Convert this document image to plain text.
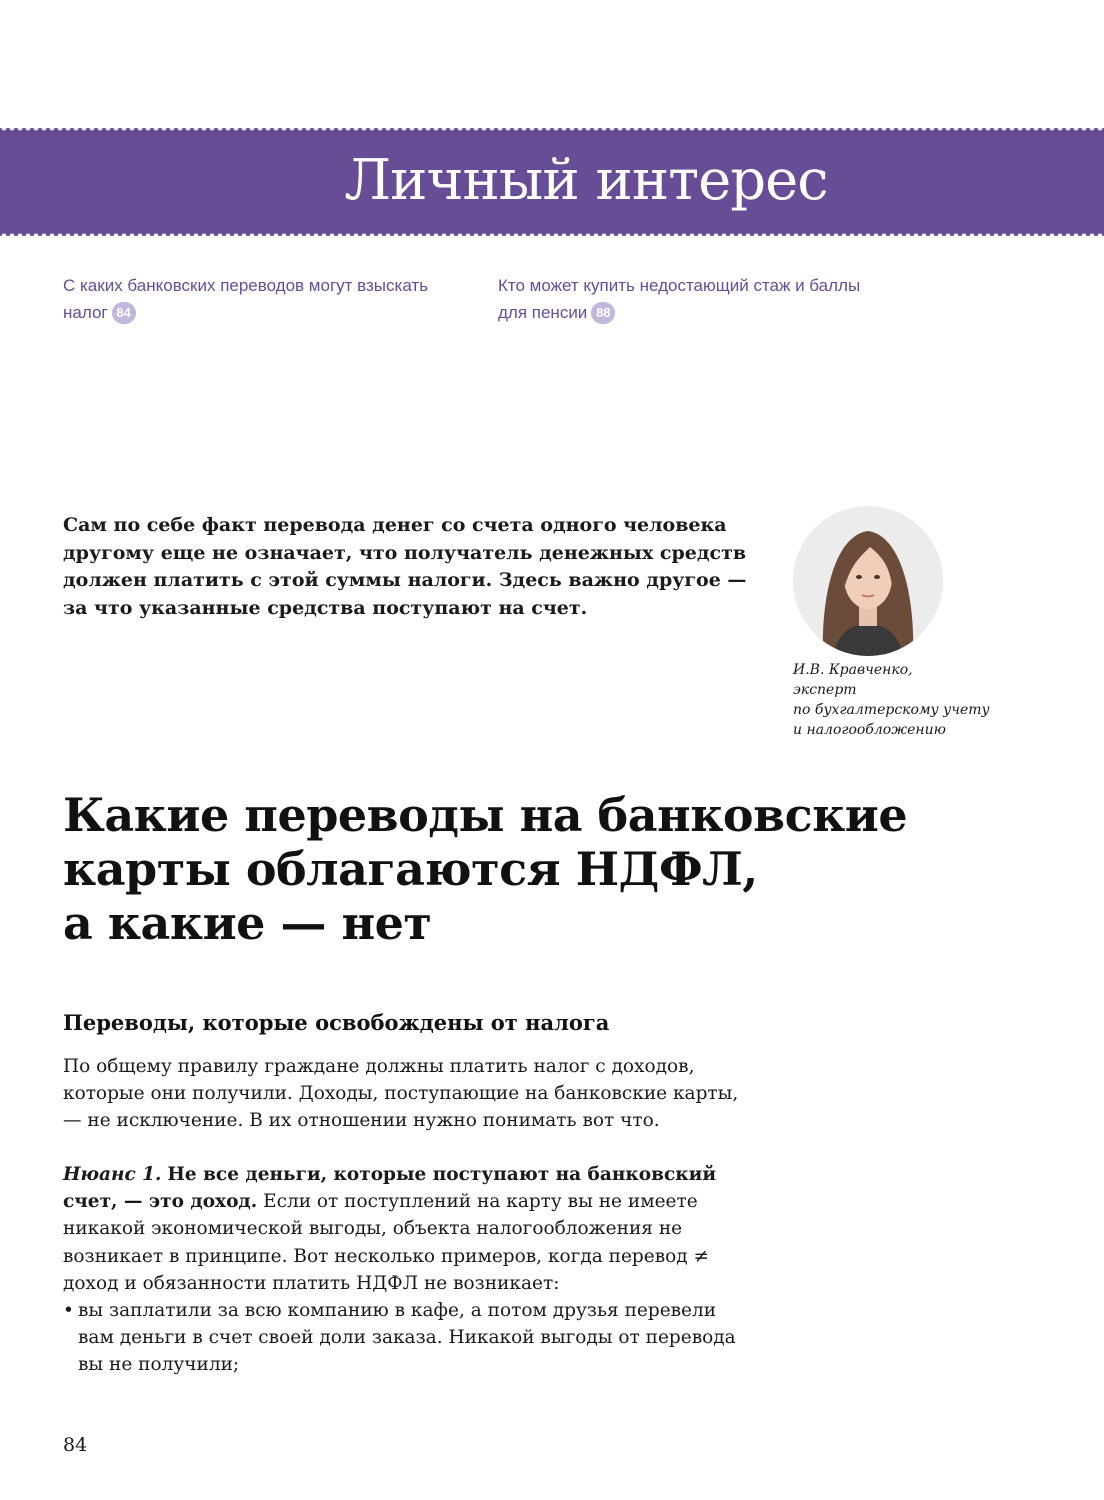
Личный интерес
С каких банковских переводов могут взыскать налог 84
Кто может купить недостающий стаж и баллы для пенсии 88

Сам по себе факт перевода денег со счета одного человека другому еще не означает, что получатель денежных средств должен платить с этой суммы налоги. Здесь важно другое — за что указанные средства поступают на счет.

И.В. Кравченко,
эксперт
по бухгалтерскому учету
и налогообложению
Какие переводы на банковские
карты облагаются НДФЛ,
а какие — нет
Переводы, которые освобождены от налога

По общему правилу граждане должны платить налог с доходов, которые они получили. Доходы, поступающие на банковские карты, — не исключение. В их отношении нужно понимать вот что.

Нюанс 1. Не все деньги, которые поступают на банковский счет, — это доход. Если от поступлений на карту вы не имеете никакой экономической выгоды, объекта налогообложения не возникает в принципе. Вот несколько примеров, когда перевод ≠ доход и обязанности платить НДФЛ не возникает:

• вы заплатили за всю компанию в кафе, а потом друзья перевели вам деньги в счет своей доли заказа. Никакой выгоды от перевода вы не получили;
84
